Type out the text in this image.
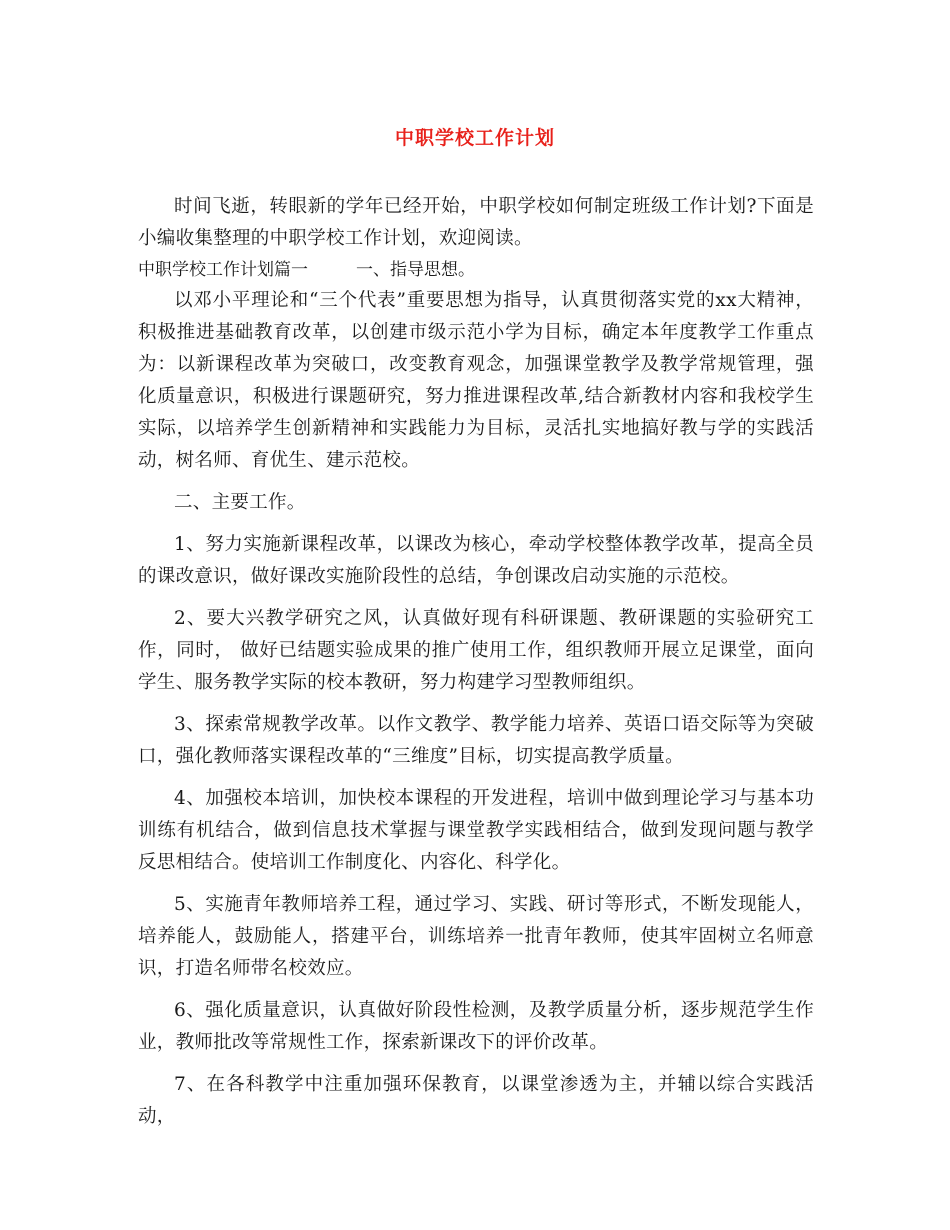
中职学校工作计划

时间飞逝，转眼新的学年已经开始，中职学校如何制定班级工作计划?下面是小编收集整理的中职学校工作计划，欢迎阅读。

中职学校工作计划篇一	一、指导思想。

以邓小平理论和“三个代表”重要思想为指导，认真贯彻落实党的xx大精神，积极推进基础教育改革，以创建市级示范小学为目标，确定本年度教学工作重点为：以新课程改革为突破口，改变教育观念，加强课堂教学及教学常规管理，强化质量意识，积极进行课题研究，努力推进课程改革,结合新教材内容和我校学生实际，以培养学生创新精神和实践能力为目标，灵活扎实地搞好教与学的实践活动，树名师、育优生、建示范校。

二、主要工作。

1、努力实施新课程改革，以课改为核心，牵动学校整体教学改革，提高全员的课改意识，做好课改实施阶段性的总结，争创课改启动实施的示范校。

2、要大兴教学研究之风，认真做好现有科研课题、教研课题的实验研究工作，同时， 做好已结题实验成果的推广使用工作，组织教师开展立足课堂，面向学生、服务教学实际的校本教研，努力构建学习型教师组织。

3、探索常规教学改革。以作文教学、教学能力培养、英语口语交际等为突破口，强化教师落实课程改革的“三维度”目标，切实提高教学质量。

4、加强校本培训，加快校本课程的开发进程，培训中做到理论学习与基本功训练有机结合，做到信息技术掌握与课堂教学实践相结合，做到发现问题与教学反思相结合。使培训工作制度化、内容化、科学化。

5、实施青年教师培养工程，通过学习、实践、研讨等形式，不断发现能人，培养能人，鼓励能人，搭建平台，训练培养一批青年教师，使其牢固树立名师意识，打造名师带名校效应。

6、强化质量意识，认真做好阶段性检测，及教学质量分析，逐步规范学生作业，教师批改等常规性工作，探索新课改下的评价改革。

7、在各科教学中注重加强环保教育，以课堂渗透为主，并辅以综合实践活动，
